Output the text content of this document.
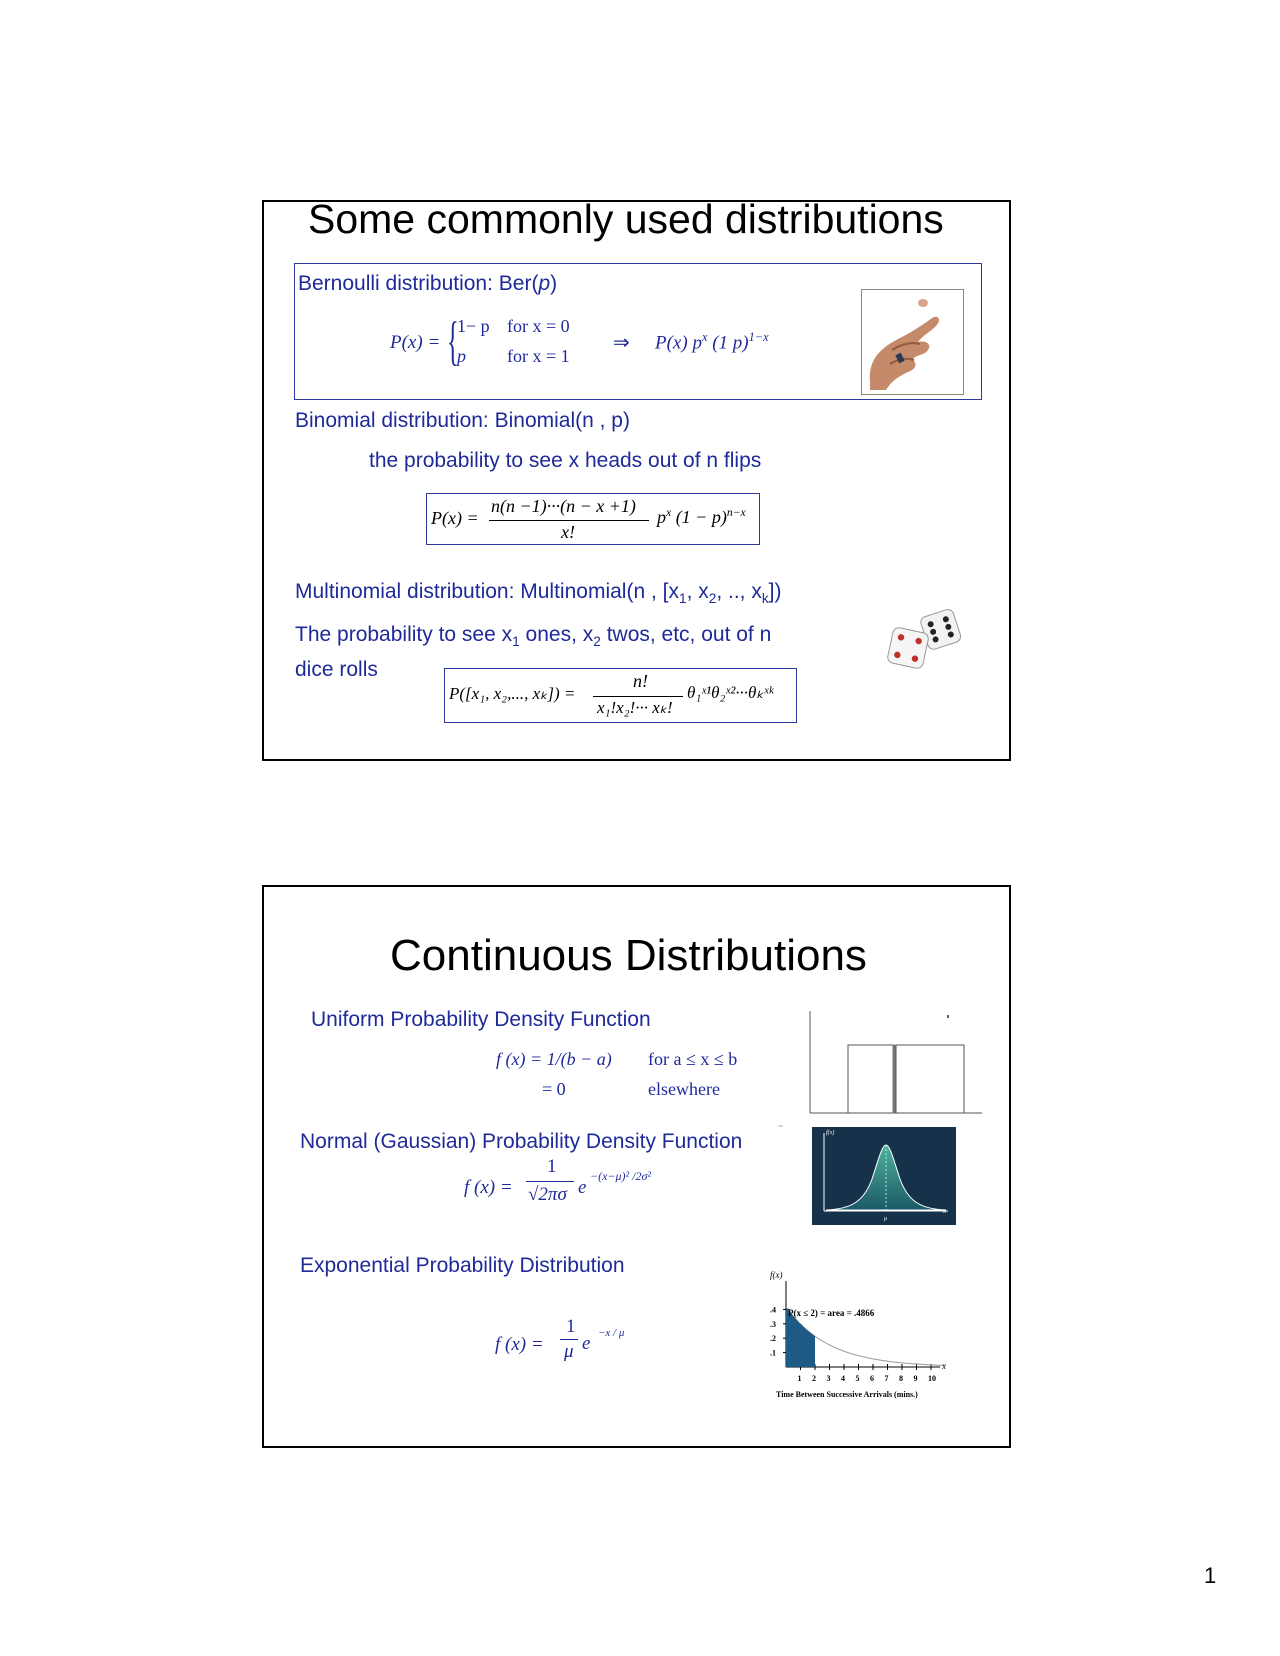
Some commonly used distributions
Bernoulli distribution: Ber(p)
P(x) = {
1− p for x = 0
p for x = 1
⇒ P(x) $p^x$ (1 p)$^{1-x}$
Binomial distribution: Binomial(n , p)
the probability to see x heads out of n flips
P(x) =
n(n −1)···(n − x +1)
x!
$p^x$ $(1 - p)^{n-x}$
Multinomial distribution: Multinomial(n , [$x_1$, $x_2$, .., $x_k$])
The probability to see $x_1$ ones, $x_2$ twos, etc, out of n
dice rolls
P([x₁, x₂,..., xₖ]) =
n!
x₁!x₂!··· xₖ!
θ₁ˣ¹θ₂ˣ²···θₖˣᵏ
Continuous Distributions
Uniform Probability Density Function
f (x) = 1/(b − a) for a ≤ x ≤ b
= 0	elsewhere
Normal (Gaussian) Probability Density Function
f (x) =
1
√2πσ e
−(x−μ)² /2σ²
f(x)
x
μ
~
Exponential Probability Distribution
f (x) =
1
μ e −x / μ
10
9
8
7
6
5
4
3
2
1
.1
.2
.3
.4
f(x)
P(x ≤ 2) = area = .4866
x
Time Between Successive Arrivals (mins.)
1
